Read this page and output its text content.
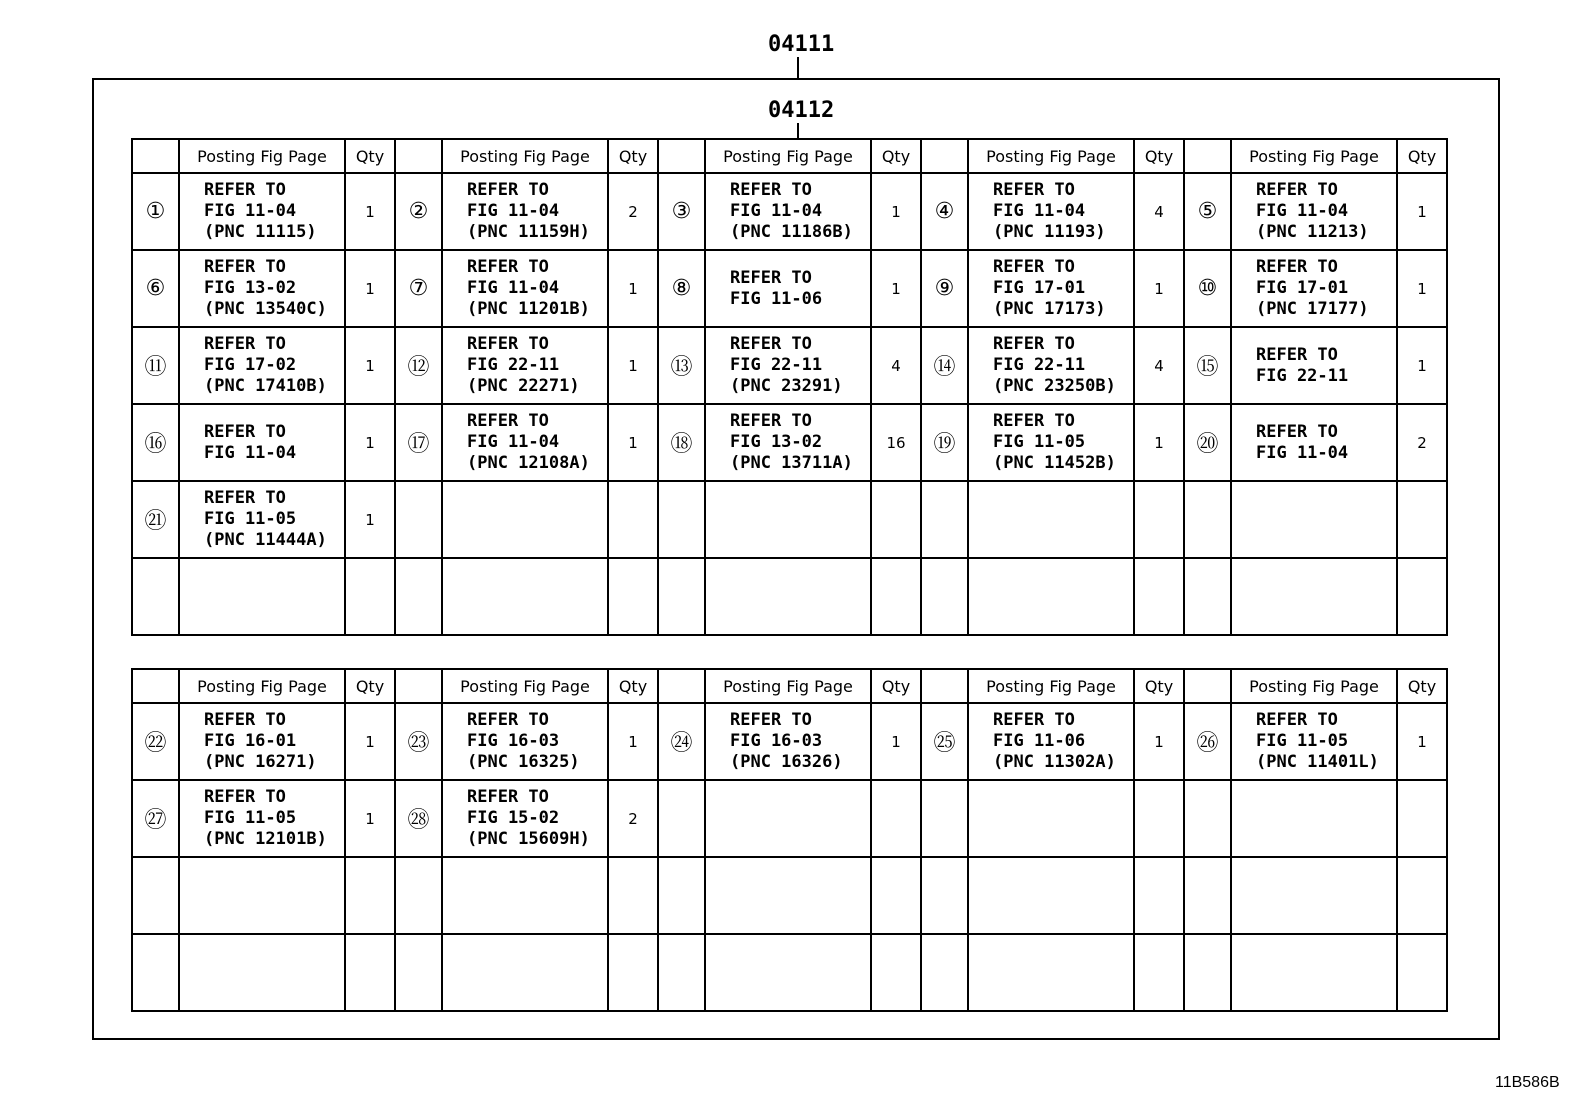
04111
04112
	Posting Fig Page	Qty		Posting Fig Page	Qty		Posting Fig Page	Qty		Posting Fig Page	Qty		Posting Fig Page	Qty
①	REFER TO
FIG 11-04
(PNC 11115)	1	②	REFER TO
FIG 11-04
(PNC 11159H)	2	③	REFER TO
FIG 11-04
(PNC 11186B)	1	④	REFER TO
FIG 11-04
(PNC 11193)	4	⑤	REFER TO
FIG 11-04
(PNC 11213)	1
⑥	REFER TO
FIG 13-02
(PNC 13540C)	1	⑦	REFER TO
FIG 11-04
(PNC 11201B)	1	⑧	REFER TO
FIG 11-06	1	⑨	REFER TO
FIG 17-01
(PNC 17173)	1	⑩	REFER TO
FIG 17-01
(PNC 17177)	1
⑪	REFER TO
FIG 17-02
(PNC 17410B)	1	⑫	REFER TO
FIG 22-11
(PNC 22271)	1	⑬	REFER TO
FIG 22-11
(PNC 23291)	4	⑭	REFER TO
FIG 22-11
(PNC 23250B)	4	⑮	REFER TO
FIG 22-11	1
⑯	REFER TO
FIG 11-04	1	⑰	REFER TO
FIG 11-04
(PNC 12108A)	1	⑱	REFER TO
FIG 13-02
(PNC 13711A)	16	⑲	REFER TO
FIG 11-05
(PNC 11452B)	1	⑳	REFER TO
FIG 11-04	2
㉑	REFER TO
FIG 11-05
(PNC 11444A)	1												

	Posting Fig Page	Qty		Posting Fig Page	Qty		Posting Fig Page	Qty		Posting Fig Page	Qty		Posting Fig Page	Qty
㉒	REFER TO
FIG 16-01
(PNC 16271)	1	㉓	REFER TO
FIG 16-03
(PNC 16325)	1	㉔	REFER TO
FIG 16-03
(PNC 16326)	1	㉕	REFER TO
FIG 11-06
(PNC 11302A)	1	㉖	REFER TO
FIG 11-05
(PNC 11401L)	1
㉗	REFER TO
FIG 11-05
(PNC 12101B)	1	㉘	REFER TO
FIG 15-02
(PNC 15609H)	2									

11B586B
